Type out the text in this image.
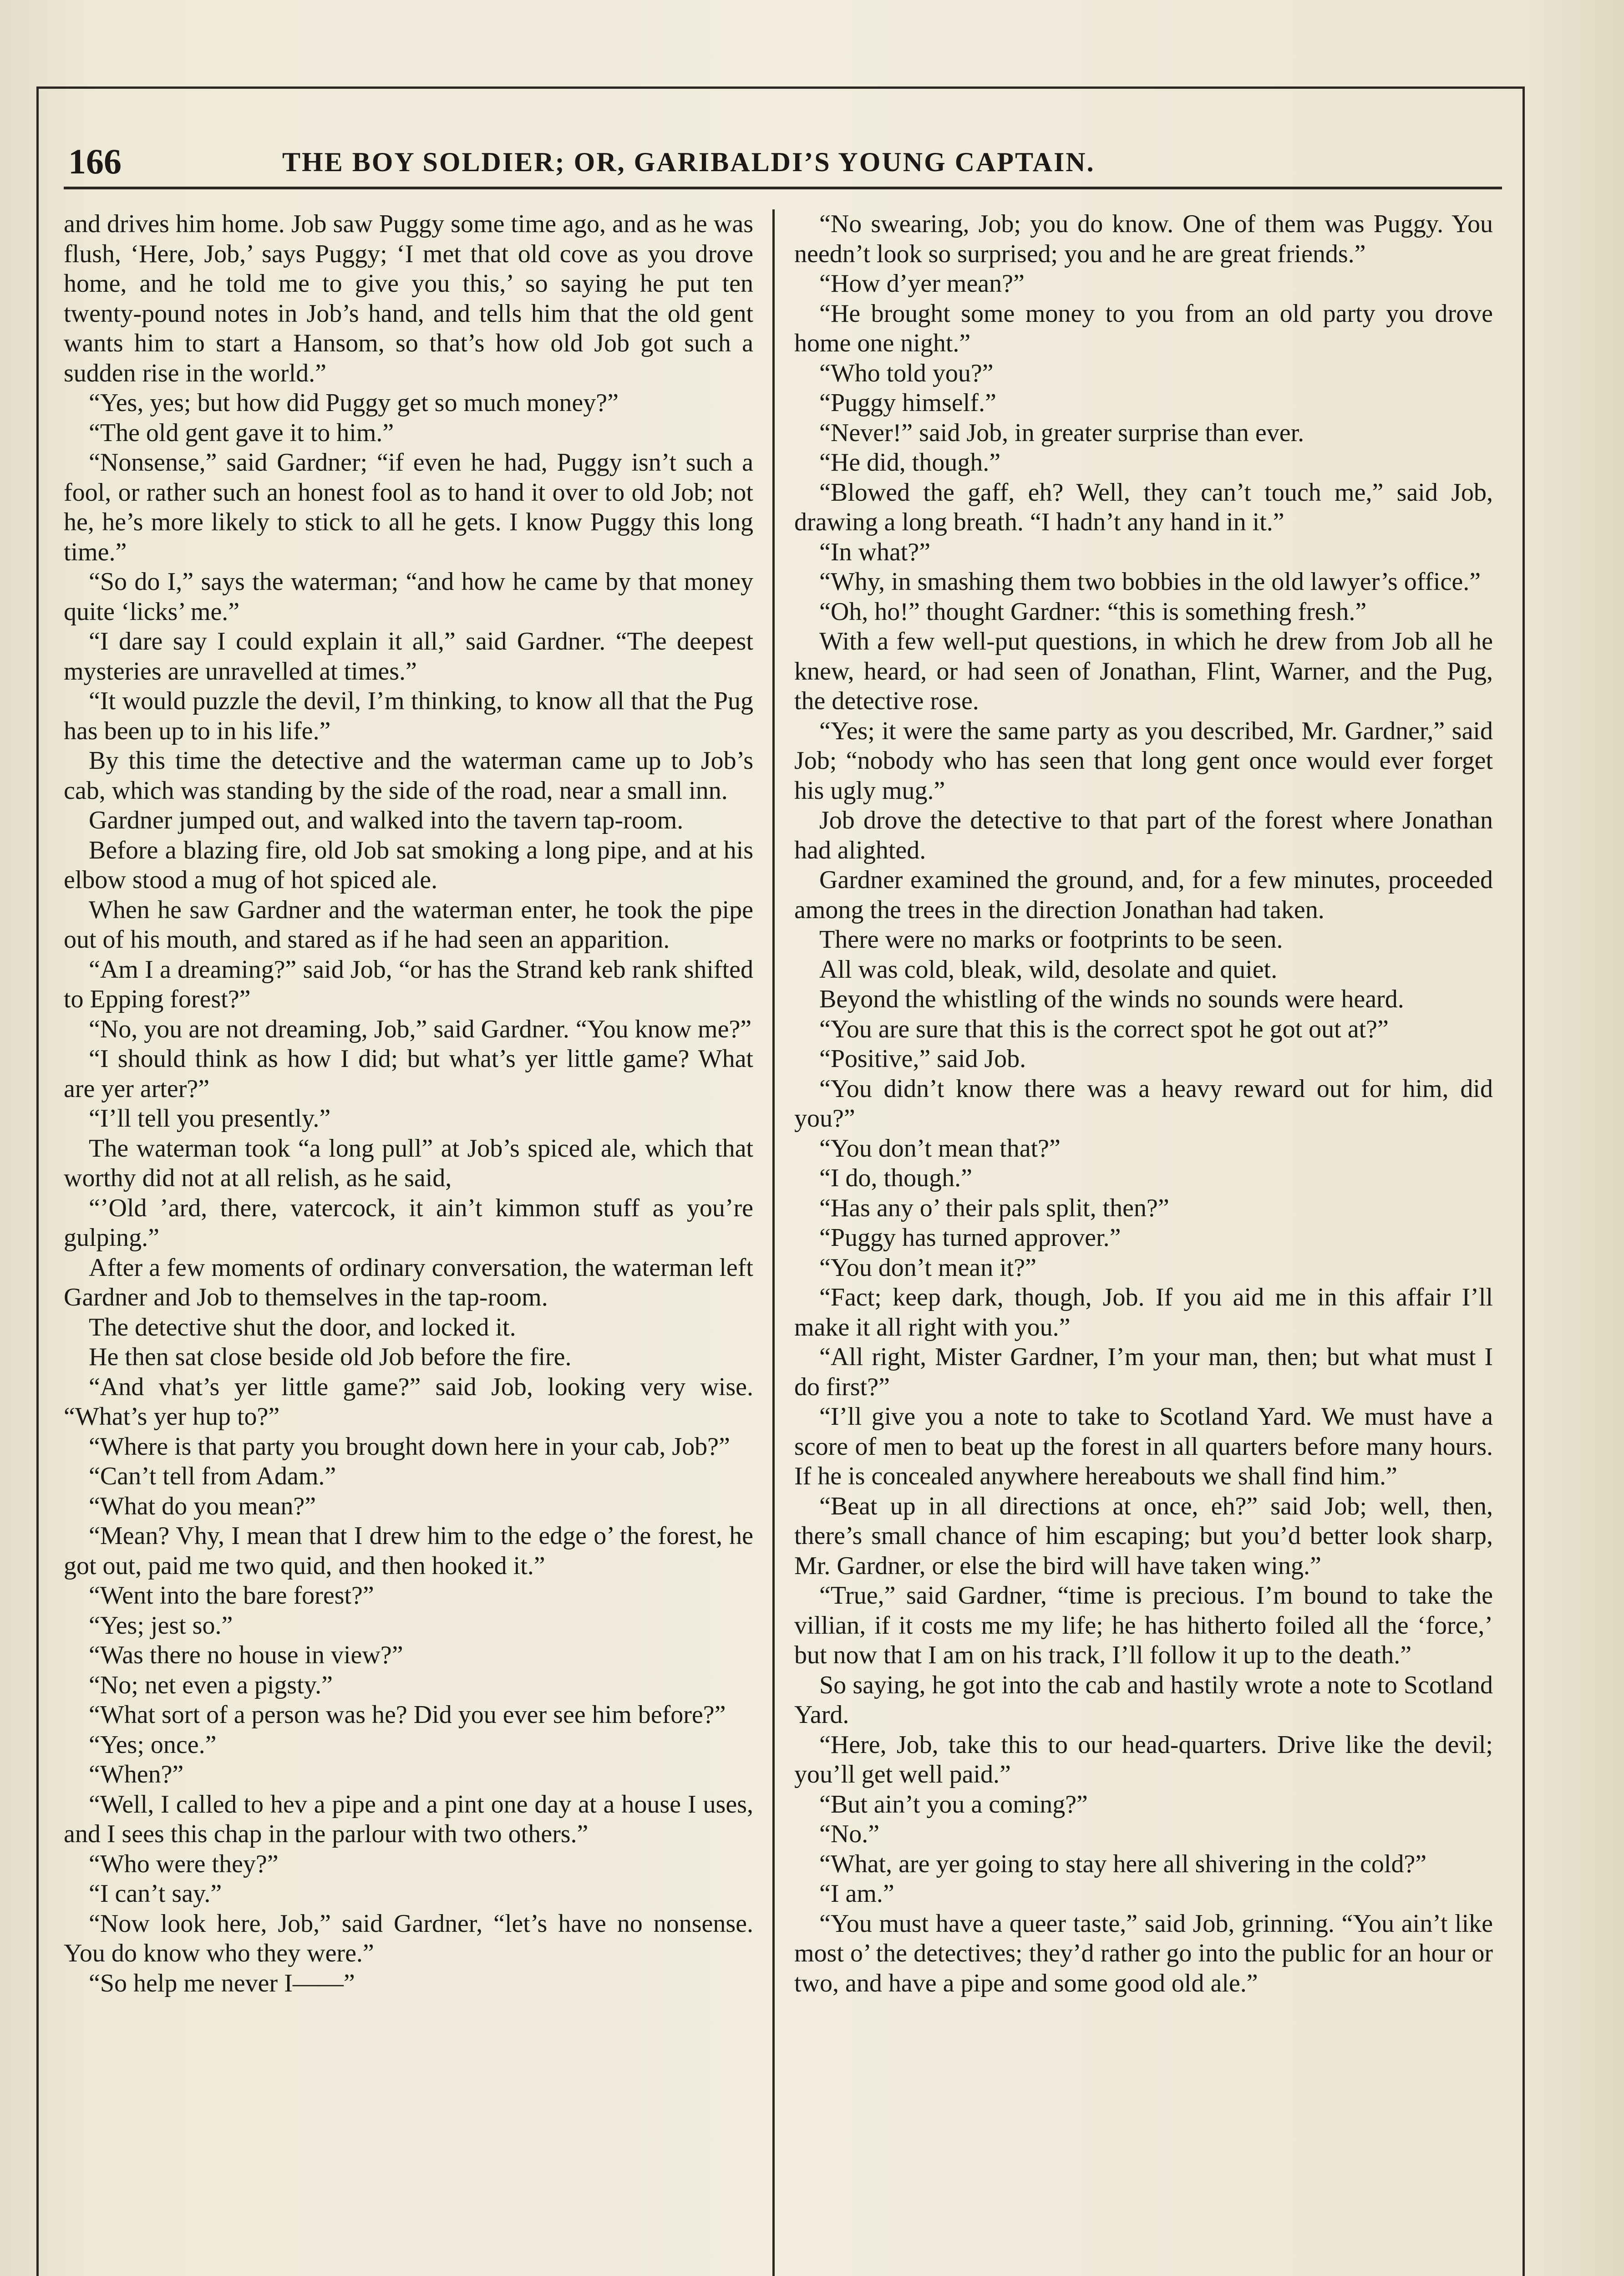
166	THE BOY SOLDIER; OR, GARIBALDI’S YOUNG CAPTAIN.

and drives him home. Job saw Puggy some time ago, and as he was flush, ‘Here, Job,’ says Puggy; ‘I met that old cove as you drove home, and he told me to give you this,’ so saying he put ten twenty-pound notes in Job’s hand, and tells him that the old gent wants him to start a Hansom, so that’s how old Job got such a sudden rise in the world.”

“Yes, yes; but how did Puggy get so much money?”

“The old gent gave it to him.”

“Nonsense,” said Gardner; “if even he had, Puggy isn’t such a fool, or rather such an honest fool as to hand it over to old Job; not he, he’s more likely to stick to all he gets. I know Puggy this long time.”

“So do I,” says the waterman; “and how he came by that money quite ‘licks’ me.”

“I dare say I could explain it all,” said Gardner. “The deepest mysteries are unravelled at times.”

“It would puzzle the devil, I’m thinking, to know all that the Pug has been up to in his life.”

By this time the detective and the waterman came up to Job’s cab, which was standing by the side of the road, near a small inn.

Gardner jumped out, and walked into the tavern tap-room.

Before a blazing fire, old Job sat smoking a long pipe, and at his elbow stood a mug of hot spiced ale.

When he saw Gardner and the waterman enter, he took the pipe out of his mouth, and stared as if he had seen an apparition.

“Am I a dreaming?” said Job, “or has the Strand keb rank shifted to Epping forest?”

“No, you are not dreaming, Job,” said Gardner. “You know me?”

“I should think as how I did; but what’s yer little game? What are yer arter?”

“I’ll tell you presently.”

The waterman took “a long pull” at Job’s spiced ale, which that worthy did not at all relish, as he said,

“’Old ’ard, there, vatercock, it ain’t kimmon stuff as you’re gulping.”

After a few moments of ordinary conversation, the waterman left Gardner and Job to themselves in the tap-room.

The detective shut the door, and locked it.

He then sat close beside old Job before the fire.

“And vhat’s yer little game?” said Job, looking very wise. “What’s yer hup to?”

“Where is that party you brought down here in your cab, Job?”

“Can’t tell from Adam.”

“What do you mean?”

“Mean? Vhy, I mean that I drew him to the edge o’ the forest, he got out, paid me two quid, and then hooked it.”

“Went into the bare forest?”

“Yes; jest so.”

“Was there no house in view?”

“No; net even a pigsty.”

“What sort of a person was he? Did you ever see him before?”

“Yes; once.”

“When?”

“Well, I called to hev a pipe and a pint one day at a house I uses, and I sees this chap in the parlour with two others.”

“Who were they?”

“I can’t say.”

“Now look here, Job,” said Gardner, “let’s have no nonsense. You do know who they were.”

“So help me never I——”

“No swearing, Job; you do know. One of them was Puggy. You needn’t look so surprised; you and he are great friends.”

“How d’yer mean?”

“He brought some money to you from an old party you drove home one night.”

“Who told you?”

“Puggy himself.”

“Never!” said Job, in greater surprise than ever.

“He did, though.”

“Blowed the gaff, eh? Well, they can’t touch me,” said Job, drawing a long breath. “I hadn’t any hand in it.”

“In what?”

“Why, in smashing them two bobbies in the old lawyer’s office.”

“Oh, ho!” thought Gardner: “this is something fresh.”

With a few well-put questions, in which he drew from Job all he knew, heard, or had seen of Jonathan, Flint, Warner, and the Pug, the detective rose.

“Yes; it were the same party as you described, Mr. Gardner,” said Job; “nobody who has seen that long gent once would ever forget his ugly mug.”

Job drove the detective to that part of the forest where Jonathan had alighted.

Gardner examined the ground, and, for a few minutes, proceeded among the trees in the direction Jonathan had taken.

There were no marks or footprints to be seen.

All was cold, bleak, wild, desolate and quiet.

Beyond the whistling of the winds no sounds were heard.

“You are sure that this is the correct spot he got out at?”

“Positive,” said Job.

“You didn’t know there was a heavy reward out for him, did you?”

“You don’t mean that?”

“I do, though.”

“Has any o’ their pals split, then?”

“Puggy has turned approver.”

“You don’t mean it?”

“Fact; keep dark, though, Job. If you aid me in this affair I’ll make it all right with you.”

“All right, Mister Gardner, I’m your man, then; but what must I do first?”

“I’ll give you a note to take to Scotland Yard. We must have a score of men to beat up the forest in all quarters before many hours. If he is concealed anywhere hereabouts we shall find him.”

“Beat up in all directions at once, eh?” said Job; well, then, there’s small chance of him escaping; but you’d better look sharp, Mr. Gardner, or else the bird will have taken wing.”

“True,” said Gardner, “time is precious. I’m bound to take the villian, if it costs me my life; he has hitherto foiled all the ‘force,’ but now that I am on his track, I’ll follow it up to the death.”

So saying, he got into the cab and hastily wrote a note to Scotland Yard.

“Here, Job, take this to our head-quarters. Drive like the devil; you’ll get well paid.”

“But ain’t you a coming?”

“No.”

“What, are yer going to stay here all shivering in the cold?”

“I am.”

“You must have a queer taste,” said Job, grinning. “You ain’t like most o’ the detectives; they’d rather go into the public for an hour or two, and have a pipe and some good old ale.”
